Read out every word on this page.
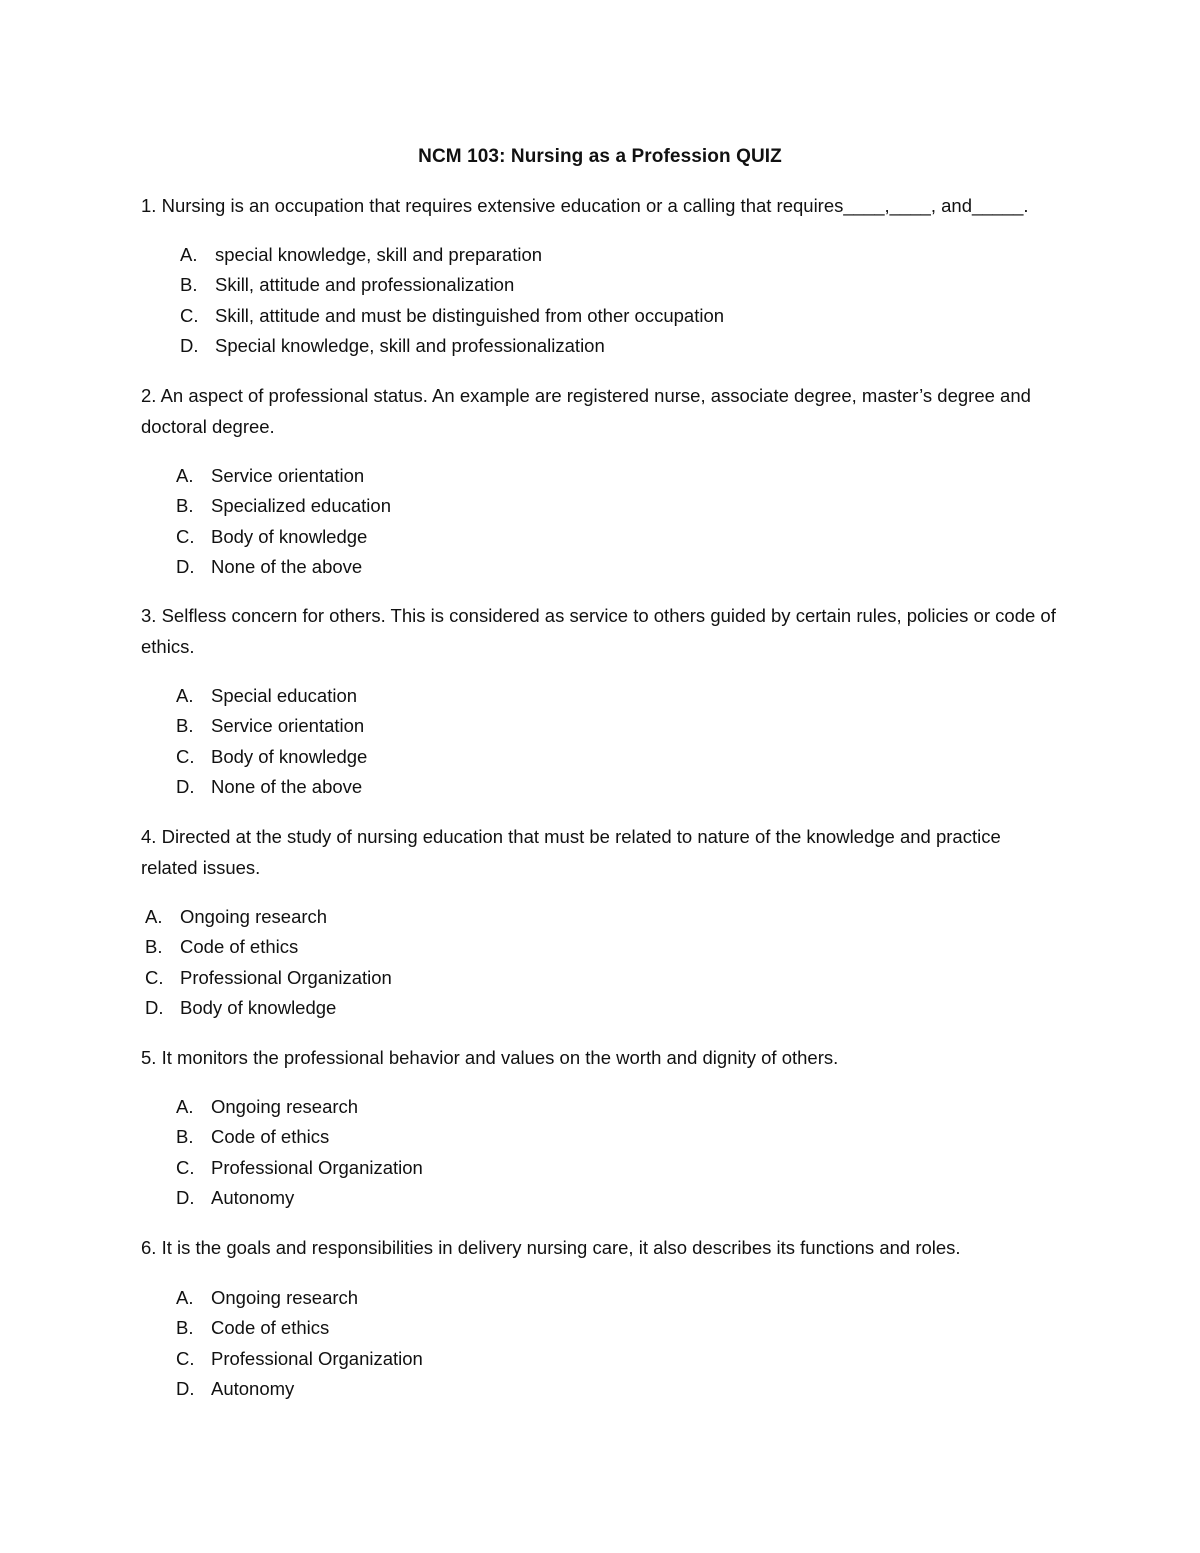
NCM 103: Nursing as a Profession QUIZ
1. Nursing is an occupation that requires extensive education or a calling that requires____,____, and_____.
A. special knowledge, skill and preparation
B. Skill, attitude and professionalization
C. Skill, attitude and must be distinguished from other occupation
D. Special knowledge, skill and professionalization
2. An aspect of professional status. An example are registered nurse, associate degree, master’s degree and doctoral degree.
A. Service orientation
B. Specialized education
C. Body of knowledge
D. None of the above
3. Selfless concern for others. This is considered as service to others guided by certain rules, policies or code of ethics.
A. Special education
B. Service orientation
C. Body of knowledge
D. None of the above
4. Directed at the study of nursing education that must be related to nature of the knowledge and practice related issues.
A. Ongoing research
B. Code of ethics
C. Professional Organization
D. Body of knowledge
5. It monitors the professional behavior and values on the worth and dignity of others.
A. Ongoing research
B. Code of ethics
C. Professional Organization
D. Autonomy
6. It is the goals and responsibilities in delivery nursing care, it also describes its functions and roles.
A. Ongoing research
B. Code of ethics
C. Professional Organization
D. Autonomy
